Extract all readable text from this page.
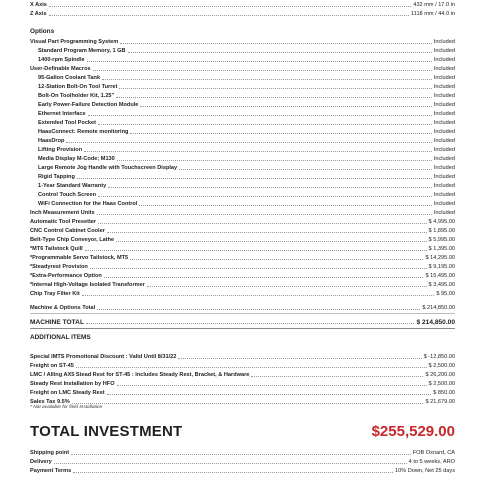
X Axis	432 mm / 17.0 in
Z Axis	1118 mm / 44.0 in
Options
Visual Part Programming System	Included
Standard Program Memory, 1 GB	Included
1400-rpm Spindle	Included
User-Definable Macros	Included
95-Gallon Coolant Tank	Included
12-Station Bolt-On Tool Turret	Included
Bolt-On Toolholder Kit, 1.25"	Included
Early Power-Failure Detection Module	Included
Ethernet Interface	Included
Extended Tool Pocket	Included
HaasConnect: Remote monitoring	Included
HaasDrop	Included
Lifting Provision	Included
Media Display M-Code; M130	Included
Large Remote Jog Handle with Touchscreen Display	Included
Rigid Tapping	Included
1-Year Standard Warranty	Included
Control Touch Screen	Included
WiFi Connection for the Haas Control	Included
Inch Measurement Units	Included
Automatic Tool Presetter	$ 4,995.00
CNC Control Cabinet Cooler	$ 1,895.00
Belt-Type Chip Conveyor, Lathe	$ 5,995.00
*MT6 Tailstock Quill	$ 1,395.00
*Programmable Servo Tailstock, MT5	$ 14,295.00
*Steadyrest Provision	$ 9,195.00
*Extra-Performance Option	$ 15,495.00
*Internal High-Voltage Isolated Transformer	$ 3,495.00
Chip Tray Filter Kit	$ 95.00
Machine & Options Total	$ 214,850.00
MACHINE TOTAL	$ 214,850.00
ADDITIONAL ITEMS
Special IMTS Promotional Discount : Valid Until 8/31/22	$ -12,850.00
Freight on ST-45	$ 2,500.00
LMC / Alling AX5 Stead Rest for ST-45 : Includes Steady Rest, Bracket, & Hardware	$ 26,200.00
Steady Rest Installation by HFO	$ 2,500.00
Freight on LMC Steady Rest	$ 850.00
Sales Tax 9.5%	$ 21,679.00
* Not available for field Installation
TOTAL INVESTMENT	$255,529.00
Shipping point	FOB Oxnard, CA
Delivery	4 to 5 weeks, ARO
Payment Terms	10% Down, Net 25 days
